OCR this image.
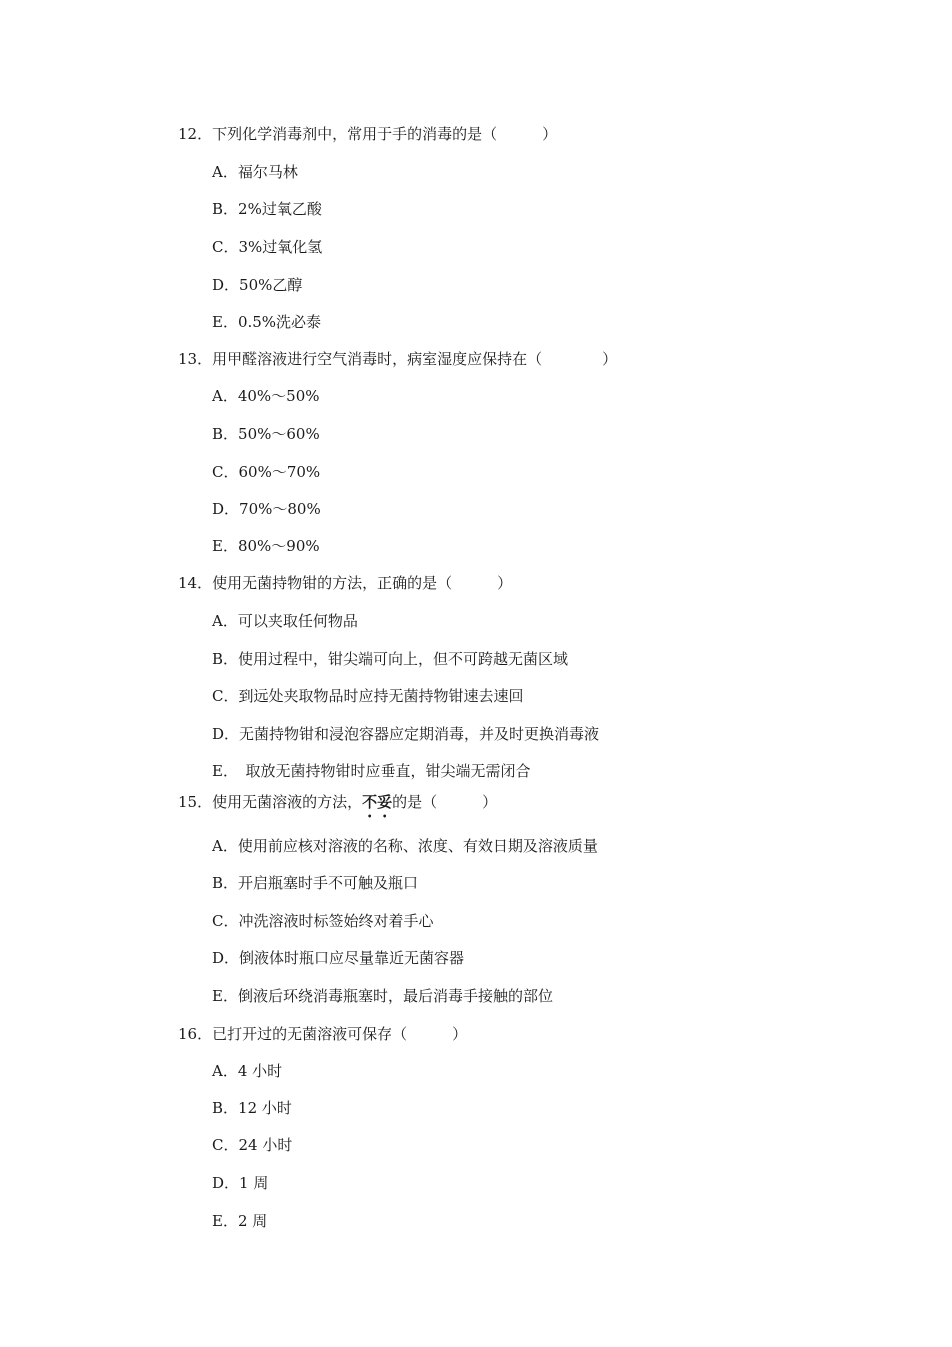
12．下列化学消毒剂中，常用于手的消毒的是（　　　）
A．福尔马林
B．2%过氧乙酸
C．3%过氧化氢
D．50%乙醇
E．0.5%洗必泰
13．用甲醛溶液进行空气消毒时，病室湿度应保持在（　　　　）
A．40%～50%
B．50%～60%
C．60%～70%
D．70%～80%
E．80%～90%
14．使用无菌持物钳的方法，正确的是（　　　）
A．可以夹取任何物品
B．使用过程中，钳尖端可向上，但不可跨越无菌区域
C．到远处夹取物品时应持无菌持物钳速去速回
D．无菌持物钳和浸泡容器应定期消毒，并及时更换消毒液
E．　取放无菌持物钳时应垂直，钳尖端无需闭合
15．使用无菌溶液的方法，不妥的是（　　　）
A．使用前应核对溶液的名称、浓度、有效日期及溶液质量
B．开启瓶塞时手不可触及瓶口
C．冲洗溶液时标签始终对着手心
D．倒液体时瓶口应尽量靠近无菌容器
E．倒液后环绕消毒瓶塞时，最后消毒手接触的部位
16．已打开过的无菌溶液可保存（　　　）
A．4 小时
B．12 小时
C．24 小时
D．1 周
E．2 周
